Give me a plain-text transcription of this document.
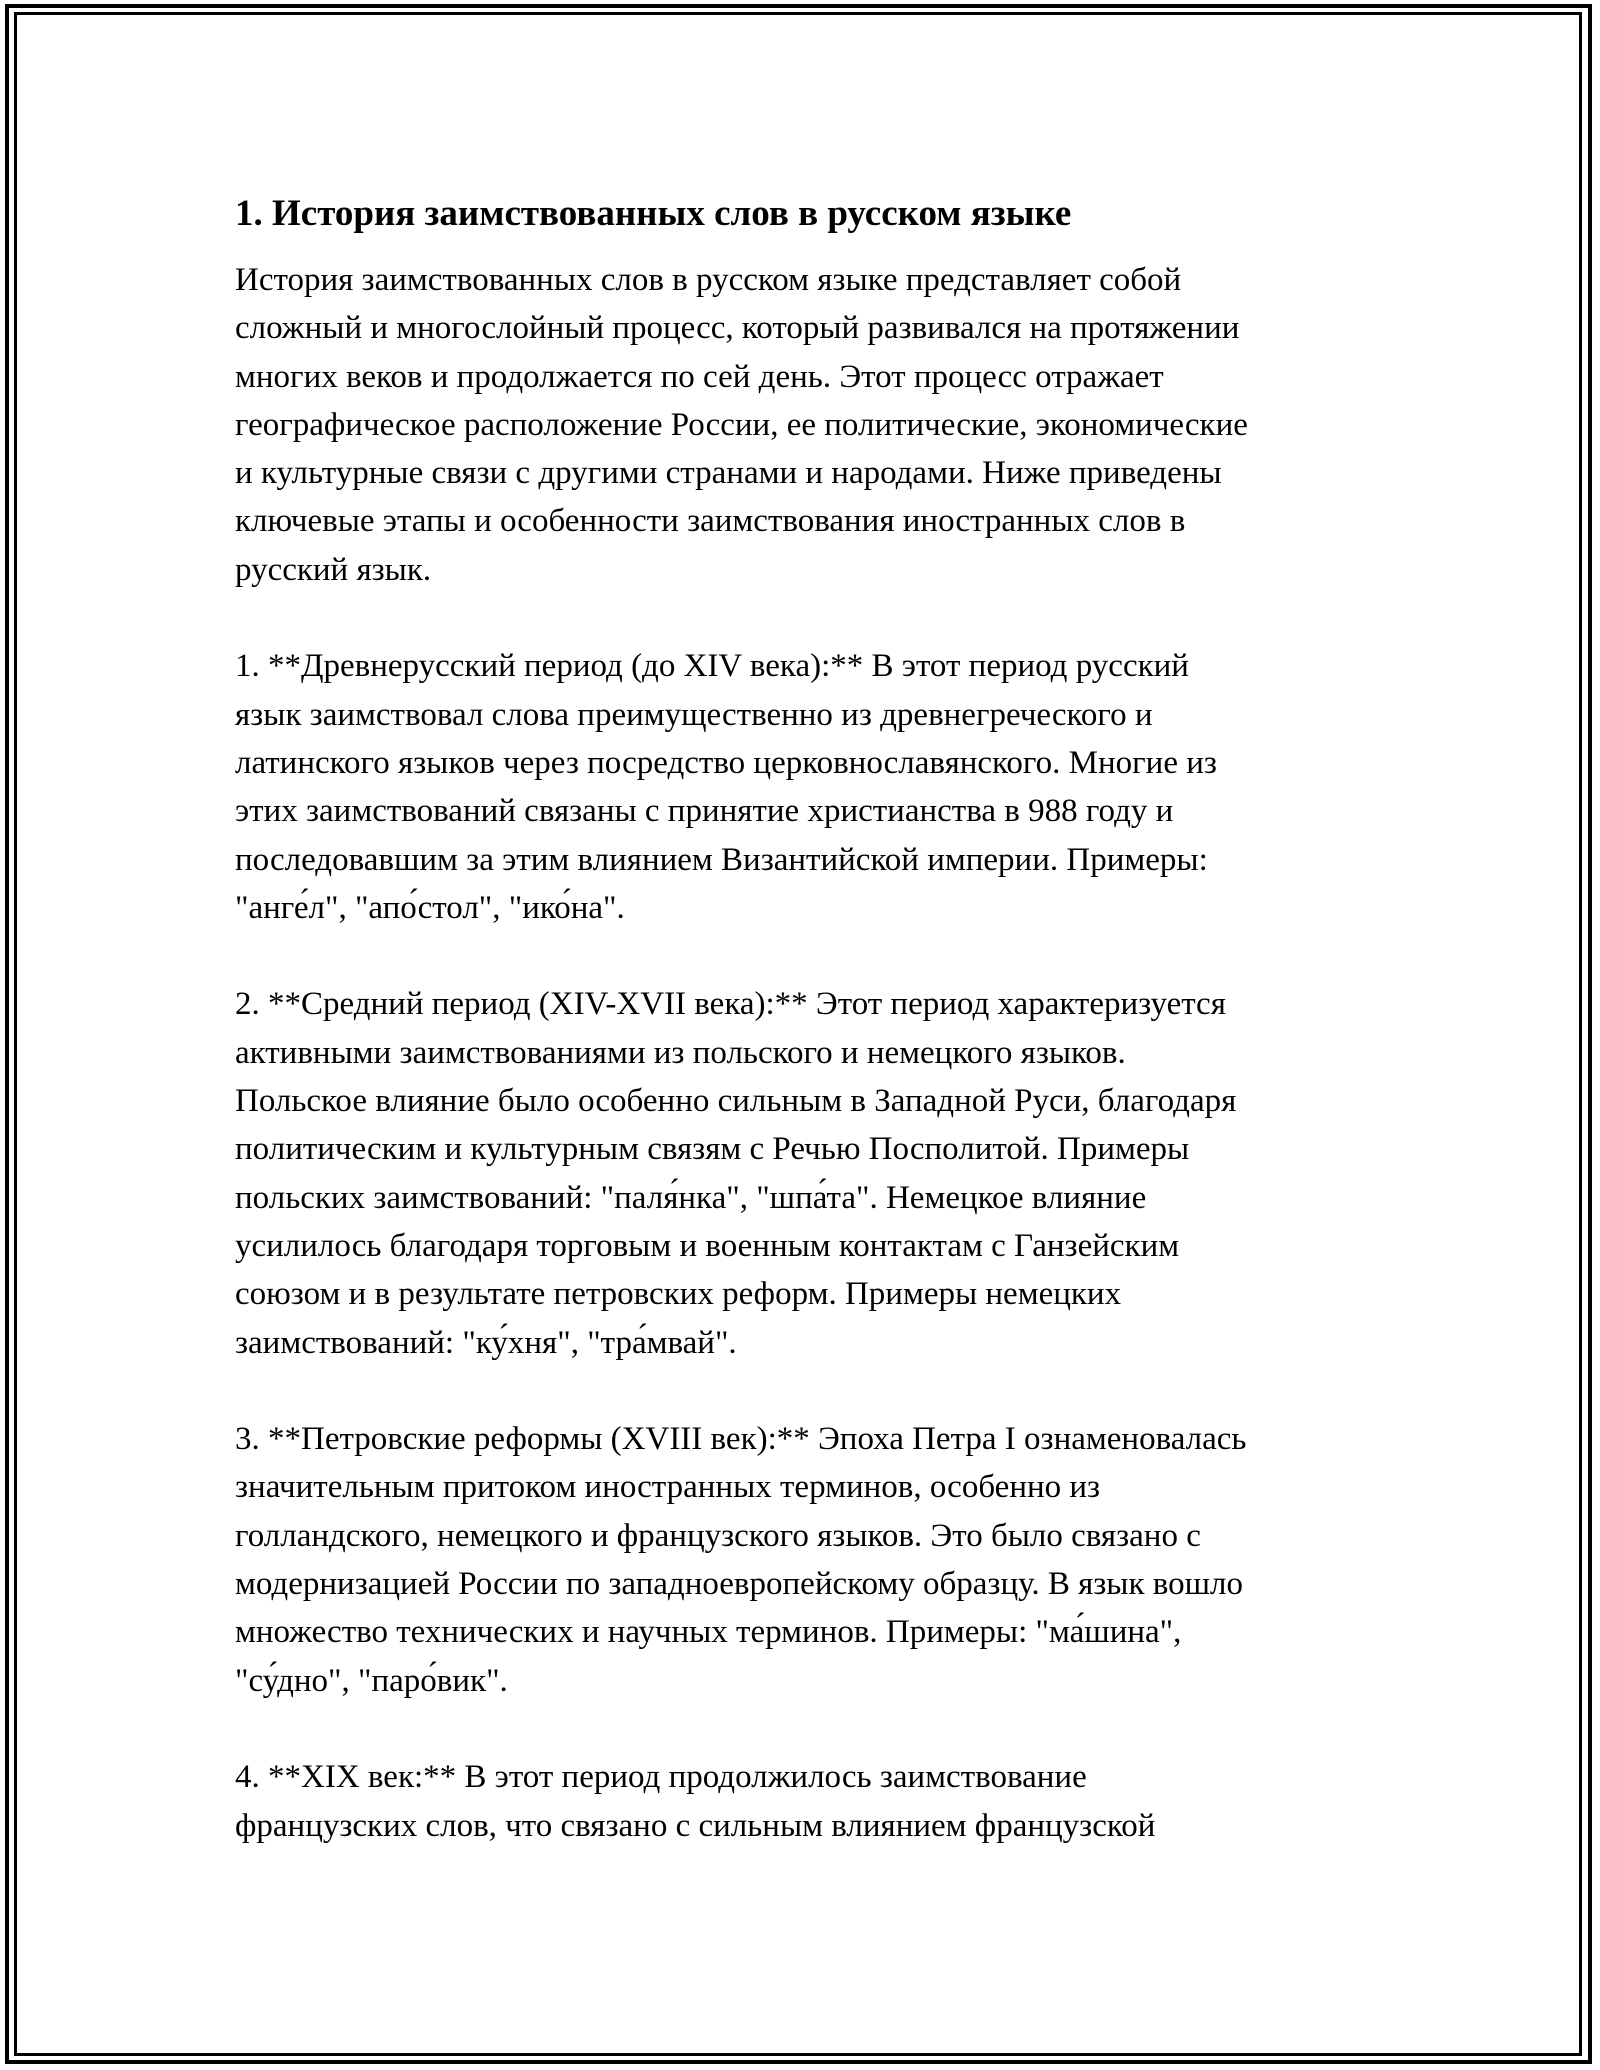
1. История заимствованных слов в русском языке

История заимствованных слов в русском языке представляет собой
сложный и многослойный процесс, который развивался на протяжении
многих веков и продолжается по сей день. Этот процесс отражает
географическое расположение России, ее политические, экономические
и культурные связи с другими странами и народами. Ниже приведены
ключевые этапы и особенности заимствования иностранных слов в
русский язык.

1. **Древнерусский период (до XIV века):** В этот период русский
язык заимствовал слова преимущественно из древнегреческого и
латинского языков через посредство церковнославянского. Многие из
этих заимствований связаны с принятие христианства в 988 году и
последовавшим за этим влиянием Византийской империи. Примеры:
"анге́л", "апо́стол", "ико́на".

2. **Средний период (XIV-XVII века):** Этот период характеризуется
активными заимствованиями из польского и немецкого языков.
Польское влияние было особенно сильным в Западной Руси, благодаря
политическим и культурным связям с Речью Посполитой. Примеры
польских заимствований: "паля́нка", "шпа́та". Немецкое влияние
усилилось благодаря торговым и военным контактам с Ганзейским
союзом и в результате петровских реформ. Примеры немецких
заимствований: "ку́хня", "тра́мвай".

3. **Петровские реформы (XVIII век):** Эпоха Петра I ознаменовалась
значительным притоком иностранных терминов, особенно из
голландского, немецкого и французского языков. Это было связано с
модернизацией России по западноевропейскому образцу. В язык вошло
множество технических и научных терминов. Примеры: "ма́шина",
"су́дно", "паро́вик".

4. **XIX век:** В этот период продолжилось заимствование
французских слов, что связано с сильным влиянием французской
